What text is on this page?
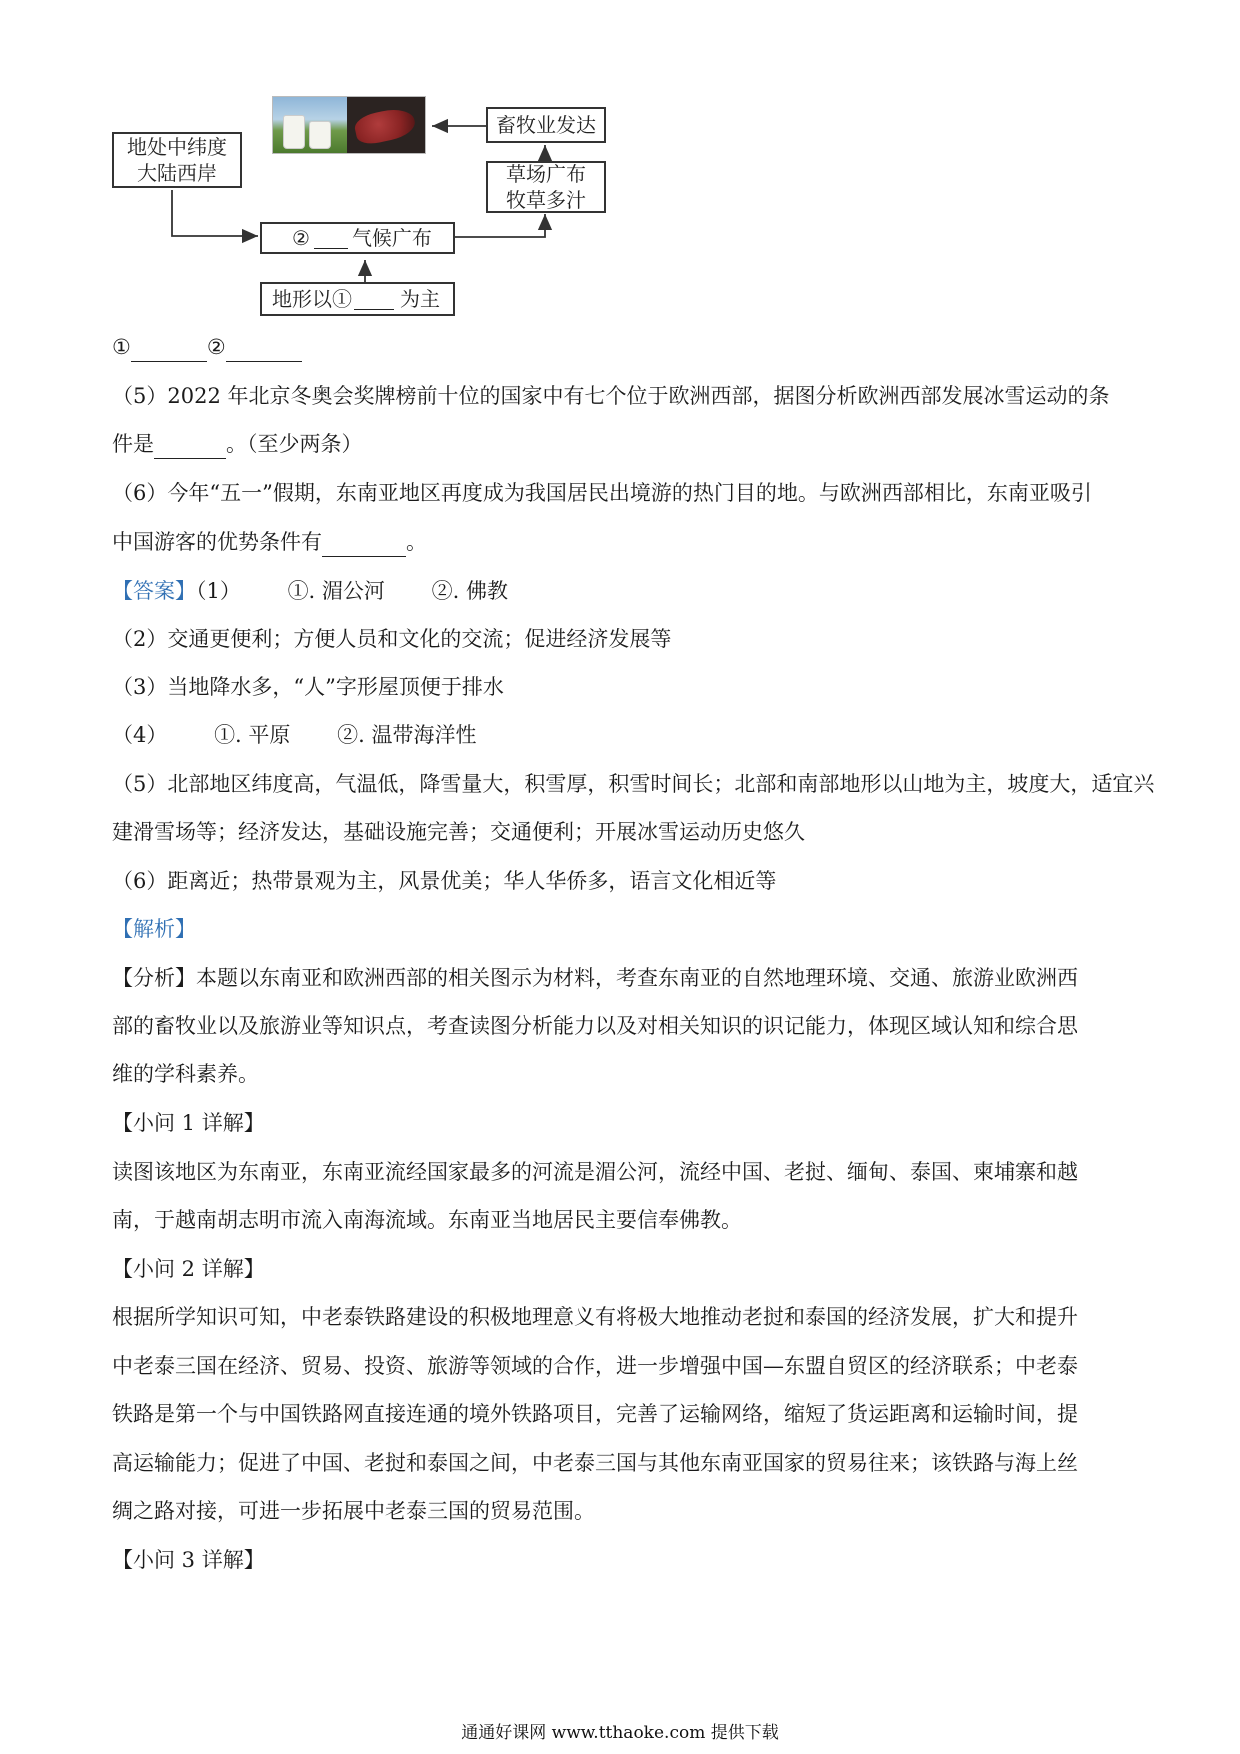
地处中纬度
大陆西岸
畜牧业发达
草场广布
牧草多汁
② 气候广布
地形以① 为主
①	②
（5）2022 年北京冬奥会奖牌榜前十位的国家中有七个位于欧洲西部，据图分析欧洲西部发展冰雪运动的条
件是	。（至少两条）
（6）今年“五一”假期，东南亚地区再度成为我国居民出境游的热门目的地。与欧洲西部相比，东南亚吸引
中国游客的优势条件有	。
【答案】（1） ①. 湄公河 ②. 佛教
（2）交通更便利；方便人员和文化的交流；促进经济发展等
（3）当地降水多，“人”字形屋顶便于排水
（4） ①. 平原 ②. 温带海洋性
（5）北部地区纬度高，气温低，降雪量大，积雪厚，积雪时间长；北部和南部地形以山地为主，坡度大，适宜兴
建滑雪场等；经济发达，基础设施完善；交通便利；开展冰雪运动历史悠久
（6）距离近；热带景观为主，风景优美；华人华侨多，语言文化相近等
【解析】
【分析】本题以东南亚和欧洲西部的相关图示为材料，考查东南亚的自然地理环境、交通、旅游业欧洲西
部的畜牧业以及旅游业等知识点，考查读图分析能力以及对相关知识的识记能力，体现区域认知和综合思
维的学科素养。
【小问 1 详解】
读图该地区为东南亚，东南亚流经国家最多的河流是湄公河，流经中国、老挝、缅甸、泰国、柬埔寨和越
南，于越南胡志明市流入南海流域。东南亚当地居民主要信奉佛教。
【小问 2 详解】
根据所学知识可知，中老泰铁路建设的积极地理意义有将极大地推动老挝和泰国的经济发展，扩大和提升
中老泰三国在经济、贸易、投资、旅游等领域的合作，进一步增强中国—东盟自贸区的经济联系；中老泰
铁路是第一个与中国铁路网直接连通的境外铁路项目，完善了运输网络，缩短了货运距离和运输时间，提
高运输能力；促进了中国、老挝和泰国之间，中老泰三国与其他东南亚国家的贸易往来；该铁路与海上丝
绸之路对接，可进一步拓展中老泰三国的贸易范围。
【小问 3 详解】
通通好课网 www.tthaoke.com 提供下载
